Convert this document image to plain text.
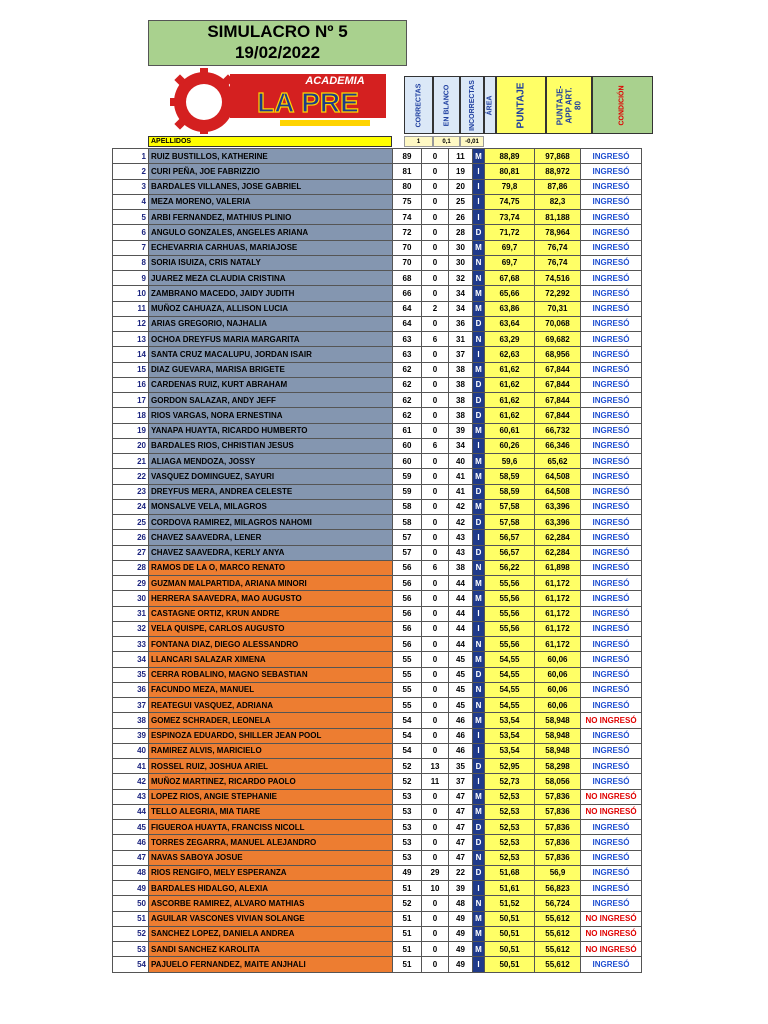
SIMULACRO Nº 5
19/02/2022
ACADEMIA
LA PRE	CORRECTAS	EN BLANCO	INCORRECTAS ÁREA PUNTAJE	PUNTAJE- APP ART. 80	CONDICIÓN
APELLIDOS	1	0,1	-0,01
1	RUIZ BUSTILLOS, KATHERINE	89	0	11	M	88,89	97,868	INGRESÓ
2	CURI PEÑA, JOE FABRIZZIO	81	0	19	I	80,81	88,972	INGRESÓ
3	BARDALES VILLANES, JOSE GABRIEL	80	0	20	I	79,8	87,86	INGRESÓ
4	MEZA MORENO, VALERIA	75	0	25	I	74,75	82,3	INGRESÓ
5	ARBI FERNANDEZ, MATHIUS PLINIO	74	0	26	I	73,74	81,188	INGRESÓ
6	ANGULO GONZALES, ANGELES ARIANA	72	0	28	D	71,72	78,964	INGRESÓ
7	ECHEVARRIA CARHUAS, MARIAJOSE	70	0	30	M	69,7	76,74	INGRESÓ
8	SORIA ISUIZA, CRIS NATALY	70	0	30	N	69,7	76,74	INGRESÓ
9	JUAREZ MEZA CLAUDIA CRISTINA	68	0	32	N	67,68	74,516	INGRESÓ
10	ZAMBRANO MACEDO, JAIDY JUDITH	66	0	34	M	65,66	72,292	INGRESÓ
11	MUÑOZ CAHUAZA, ALLISON LUCIA	64	2	34	M	63,86	70,31	INGRESÓ
12	ARIAS GREGORIO, NAJHALIA	64	0	36	D	63,64	70,068	INGRESÓ
13	OCHOA DREYFUS MARIA MARGARITA	63	6	31	N	63,29	69,682	INGRESÓ
14	SANTA CRUZ MACALUPU, JORDAN ISAIR	63	0	37	I	62,63	68,956	INGRESÓ
15	DIAZ GUEVARA, MARISA BRIGETE	62	0	38	M	61,62	67,844	INGRESÓ
16	CARDENAS RUIZ, KURT ABRAHAM	62	0	38	D	61,62	67,844	INGRESÓ
17	GORDON SALAZAR, ANDY JEFF	62	0	38	D	61,62	67,844	INGRESÓ
18	RIOS VARGAS, NORA ERNESTINA	62	0	38	D	61,62	67,844	INGRESÓ
19	YANAPA HUAYTA, RICARDO HUMBERTO	61	0	39	M	60,61	66,732	INGRESÓ
20	BARDALES RIOS, CHRISTIAN JESUS	60	6	34	I	60,26	66,346	INGRESÓ
21	ALIAGA MENDOZA, JOSSY	60	0	40	M	59,6	65,62	INGRESÓ
22	VASQUEZ DOMINGUEZ, SAYURI	59	0	41	M	58,59	64,508	INGRESÓ
23	DREYFUS MERA, ANDREA CELESTE	59	0	41	D	58,59	64,508	INGRESÓ
24	MONSALVE VELA, MILAGROS	58	0	42	M	57,58	63,396	INGRESÓ
25	CORDOVA RAMIREZ, MILAGROS NAHOMI	58	0	42	D	57,58	63,396	INGRESÓ
26	CHAVEZ SAAVEDRA, LENER	57	0	43	I	56,57	62,284	INGRESÓ
27	CHAVEZ SAAVEDRA, KERLY ANYA	57	0	43	D	56,57	62,284	INGRESÓ
28	RAMOS DE LA O, MARCO RENATO	56	6	38	N	56,22	61,898	INGRESÓ
29	GUZMAN MALPARTIDA, ARIANA MINORI	56	0	44	M	55,56	61,172	INGRESÓ
30	HERRERA SAAVEDRA, MAO AUGUSTO	56	0	44	M	55,56	61,172	INGRESÓ
31	CASTAGNE ORTIZ, KRUN ANDRE	56	0	44	I	55,56	61,172	INGRESÓ
32	VELA QUISPE, CARLOS AUGUSTO	56	0	44	I	55,56	61,172	INGRESÓ
33	FONTANA DIAZ, DIEGO ALESSANDRO	56	0	44	N	55,56	61,172	INGRESÓ
34	LLANCARI SALAZAR XIMENA	55	0	45	M	54,55	60,06	INGRESÓ
35	CERRA ROBALINO, MAGNO SEBASTIAN	55	0	45	D	54,55	60,06	INGRESÓ
36	FACUNDO MEZA, MANUEL	55	0	45	N	54,55	60,06	INGRESÓ
37	REATEGUI VASQUEZ, ADRIANA	55	0	45	N	54,55	60,06	INGRESÓ
38	GOMEZ SCHRADER, LEONELA	54	0	46	M	53,54	58,948	NO INGRESÓ
39	ESPINOZA EDUARDO, SHILLER JEAN POOL	54	0	46	I	53,54	58,948	INGRESÓ
40	RAMIREZ ALVIS, MARICIELO	54	0	46	I	53,54	58,948	INGRESÓ
41	ROSSEL RUIZ, JOSHUA ARIEL	52	13	35	D	52,95	58,298	INGRESÓ
42	MUÑOZ MARTINEZ, RICARDO PAOLO	52	11	37	I	52,73	58,056	INGRESÓ
43	LOPEZ RIOS, ANGIE STEPHANIE	53	0	47	M	52,53	57,836	NO INGRESÓ
44	TELLO ALEGRIA, MIA TIARE	53	0	47	M	52,53	57,836	NO INGRESÓ
45	FIGUEROA HUAYTA, FRANCISS NICOLL	53	0	47	D	52,53	57,836	INGRESÓ
46	TORRES ZEGARRA, MANUEL ALEJANDRO	53	0	47	D	52,53	57,836	INGRESÓ
47	NAVAS SABOYA JOSUE	53	0	47	N	52,53	57,836	INGRESÓ
48	RIOS RENGIFO, MELY ESPERANZA	49	29	22	D	51,68	56,9	INGRESÓ
49	BARDALES HIDALGO, ALEXIA	51	10	39	I	51,61	56,823	INGRESÓ
50	ASCORBE RAMIREZ, ALVARO MATHIAS	52	0	48	N	51,52	56,724	INGRESÓ
51	AGUILAR VASCONES VIVIAN SOLANGE	51	0	49	M	50,51	55,612	NO INGRESÓ
52	SANCHEZ LOPEZ, DANIELA ANDREA	51	0	49	M	50,51	55,612	NO INGRESÓ
53	SANDI SANCHEZ KAROLITA	51	0	49	M	50,51	55,612	NO INGRESÓ
54	PAJUELO FERNANDEZ, MAITE ANJHALI	51	0	49	I	50,51	55,612	INGRESÓ
